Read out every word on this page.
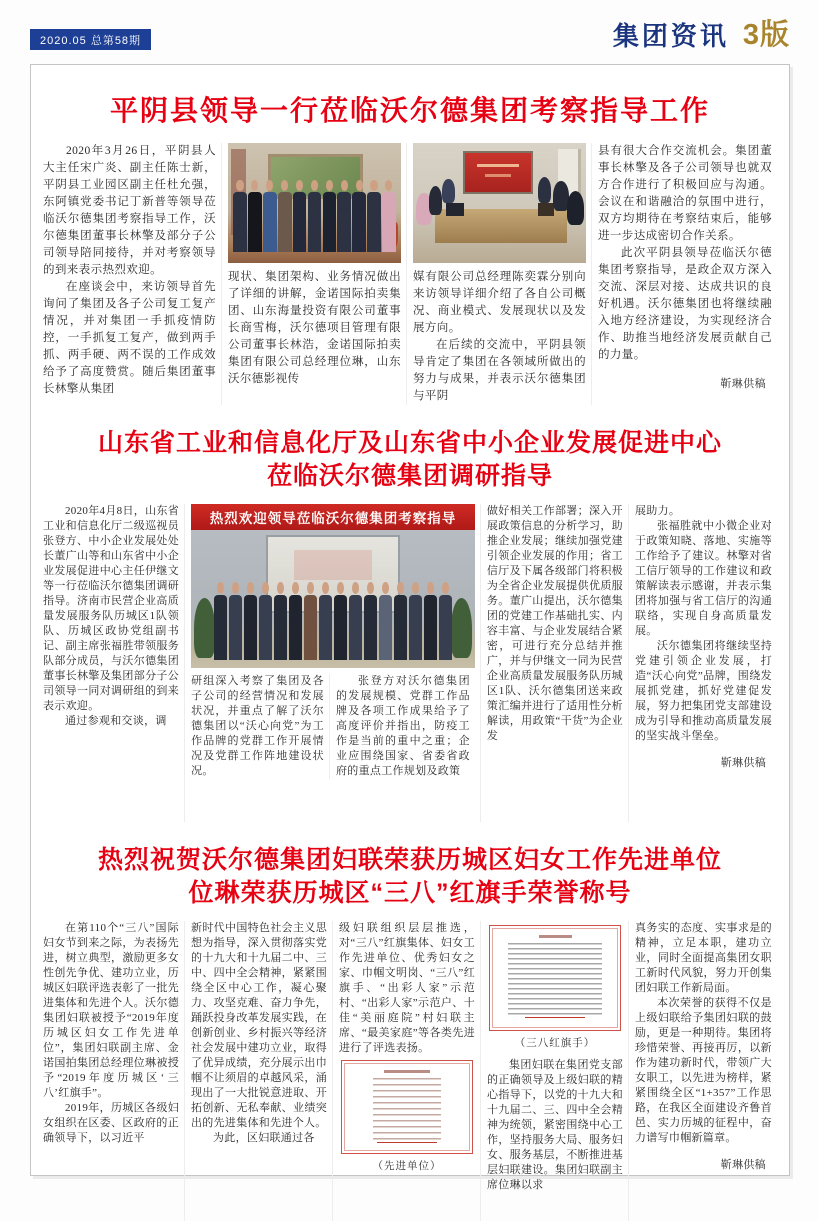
2020.05 总第58期	集团资讯 3版
平阴县领导一行莅临沃尔德集团考察指导工作

2020年3月26日，平阴县人大主任宋广炎、副主任陈士新，平阴县工业园区副主任杜允强，东阿镇党委书记丁新普等领导莅临沃尔德集团考察指导工作，沃尔德集团董事长林擎及部分子公司领导陪同接待，并对考察领导的到来表示热烈欢迎。

在座谈会中，来访领导首先询问了集团及各子公司复工复产情况，并对集团一手抓疫情防控，一手抓复工复产，做到两手抓、两手硬、两不误的工作成效给予了高度赞赏。随后集团董事长林擎从集团

现状、集团架构、业务情况做出了详细的讲解，金诺国际拍卖集团、山东海量投资有限公司董事长商雪梅，沃尔德项目管理有限公司董事长林浩，金诺国际拍卖集团有限公司总经理位琳，山东沃尔德影视传

媒有限公司总经理陈奕霖分别向来访领导详细介绍了各自公司概况、商业模式、发展现状以及发展方向。

在后续的交流中，平阴县领导肯定了集团在各领域所做出的努力与成果，并表示沃尔德集团与平阴

县有很大合作交流机会。集团董事长林擎及各子公司领导也就双方合作进行了积极回应与沟通。会议在和谐融洽的氛围中进行，双方均期待在考察结束后，能够进一步达成密切合作关系。

此次平阴县领导莅临沃尔德集团考察指导，是政企双方深入交流、深层对接、达成共识的良好机遇。沃尔德集团也将继续融入地方经济建设，为实现经济合作、助推当地经济发展贡献自己的力量。

靳琳供稿
山东省工业和信息化厅及山东省中小企业发展促进中心
莅临沃尔德集团调研指导

2020年4月8日，山东省工业和信息化厅二级巡视员张登方、中小企业发展处处长董广山等和山东省中小企业发展促进中心主任伊继文等一行莅临沃尔德集团调研指导。济南市民营企业高质量发展服务队历城区1队领队、历城区政协党组副书记、副主席张福胜带领服务队部分成员，与沃尔德集团董事长林擎及集团部分子公司领导一同对调研组的到来表示欢迎。

通过参观和交谈，调

热烈欢迎领导莅临沃尔德集团考察指导

研组深入考察了集团及各子公司的经营情况和发展状况，并重点了解了沃尔德集团以“沃心向党”为工作品牌的党群工作开展情况及党群工作阵地建设状况。

张登方对沃尔德集团的发展规模、党群工作品牌及各项工作成果给予了高度评价并指出，防疫工作是当前的重中之重；企业应围绕国家、省委省政府的重点工作规划及政策

做好相关工作部署；深入开展政策信息的分析学习，助推企业发展；继续加强党建引领企业发展的作用；省工信厅及下属各级部门将积极为全省企业发展提供优质服务。董广山提出，沃尔德集团的党建工作基础扎实、内容丰富、与企业发展结合紧密，可进行充分总结并推广，并与伊继文一同为民营企业高质量发展服务队历城区1队、沃尔德集团送来政策汇编并进行了适用性分析解读，用政策“干货”为企业发

展助力。

张福胜就中小微企业对于政策知晓、落地、实施等工作给予了建议。林擎对省工信厅领导的工作建议和政策解读表示感谢，并表示集团将加强与省工信厅的沟通联络，实现自身高质量发展。

沃尔德集团将继续坚持党建引领企业发展，打造“沃心向党”品牌，围绕发展抓党建，抓好党建促发展，努力把集团党支部建设成为引导和推动高质量发展的坚实战斗堡垒。

靳琳供稿
热烈祝贺沃尔德集团妇联荣获历城区妇女工作先进单位
位琳荣获历城区“三八”红旗手荣誉称号

在第110个“三八”国际妇女节到来之际，为表扬先进，树立典型，激励更多女性创先争优、建功立业，历城区妇联评选表彰了一批先进集体和先进个人。沃尔德集团妇联被授予“2019年度历城区妇女工作先进单位”，集团妇联副主席、金诺国拍集团总经理位琳被授予“2019年度历城区‘三八’红旗手”。

2019年，历城区各级妇女组织在区委、区政府的正确领导下，以习近平

新时代中国特色社会主义思想为指导，深入贯彻落实党的十九大和十九届二中、三中、四中全会精神，紧紧围绕全区中心工作，凝心聚力、攻坚克难、奋力争先，踊跃投身改革发展实践，在创新创业、乡村振兴等经济社会发展中建功立业，取得了优异成绩，充分展示出巾帼不让须眉的卓越风采，涌现出了一大批锐意进取、开拓创新、无私奉献、业绩突出的先进集体和先进个人。

为此，区妇联通过各

级妇联组织层层推选，对“三八”红旗集体、妇女工作先进单位、优秀妇女之家、巾帼文明岗、“三八”红旗手、“出彩人家”示范村、“出彩人家”示范户、十佳“美丽庭院”村妇联主席、“最美家庭”等各类先进进行了评选表扬。

（先进单位）
（三八红旗手）

集团妇联在集团党支部的正确领导及上级妇联的精心指导下，以党的十九大和十九届二、三、四中全会精神为统领，紧密围绕中心工作，坚持服务大局、服务妇女、服务基层，不断推进基层妇联建设。集团妇联副主席位琳以求

真务实的态度、实事求是的精神，立足本职，建功立业，同时全面提高集团女职工新时代风貌，努力开创集团妇联工作新局面。

本次荣誉的获得不仅是上级妇联给予集团妇联的鼓励，更是一种期待。集团将珍惜荣誉、再接再厉，以新作为建功新时代，带领广大女职工，以先进为榜样，紧紧围绕全区“1+357”工作思路，在我区全面建设齐鲁首邑、实力历城的征程中，奋力谱写巾帼新篇章。

靳琳供稿
